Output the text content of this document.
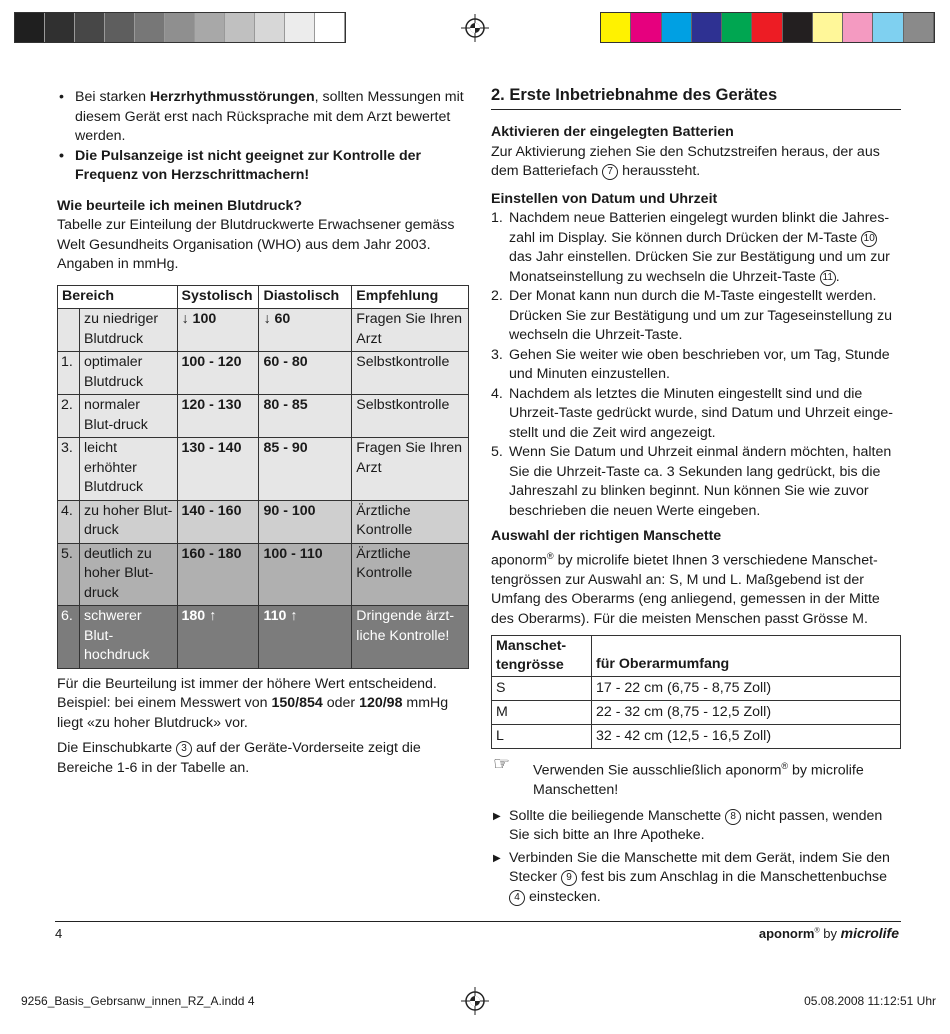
• Bei starken Herzrhythmusstörungen, sollten Messungen mit diesem Gerät erst nach Rücksprache mit dem Arzt bewertet werden.

• Die Pulsanzeige ist nicht geeignet zur Kontrolle der Frequenz von Herzschrittmachern!

Wie beurteile ich meinen Blutdruck?

Tabelle zur Einteilung der Blutdruckwerte Erwachsener gemäss Welt Gesundheits Organisation (WHO) aus dem Jahr 2003. Angaben in mmHg.

Bereich	Systolisch	Diastolisch	Empfehlung

zu niedriger Blutdruck	↓ 100	↓ 60	Fragen Sie Ihren Arzt

1. optimaler Blutdruck	100 - 120	60 - 80	Selbstkontrolle

2. normaler Blut-druck	120 - 130	80 - 85	Selbstkontrolle

3. leicht erhöhter Blutdruck	130 - 140	85 - 90	Fragen Sie Ihren Arzt

4. zu hoher Blut-druck	140 - 160	90 - 100	Ärztliche Kontrolle

5. deutlich zu hoher Blut-druck	160 - 180	100 - 110	Ärztliche Kontrolle

6. schwerer Blut-hochdruck	180 ↑	110 ↑	Dringende ärzt-liche Kontrolle!

Für die Beurteilung ist immer der höhere Wert entscheidend. Beispiel: bei einem Messwert von 150/854 oder 120/98 mmHg liegt «zu hoher Blutdruck» vor.

Die Einschubkarte 3 auf der Geräte-Vorderseite zeigt die Bereiche 1-6 in der Tabelle an.

2. Erste Inbetriebnahme des Gerätes

Aktivieren der eingelegten Batterien

Zur Aktivierung ziehen Sie den Schutzstreifen heraus, der aus dem Batteriefach 7 heraussteht.

Einstellen von Datum und Uhrzeit

1. Nachdem neue Batterien eingelegt wurden blinkt die Jahres-zahl im Display. Sie können durch Drücken der M-Taste 10 das Jahr einstellen. Drücken Sie zur Bestätigung und um zur Monatseinstellung zu wechseln die Uhrzeit-Taste 11 .

2. Der Monat kann nun durch die M-Taste eingestellt werden. Drücken Sie zur Bestätigung und um zur Tageseinstellung zu wechseln die Uhrzeit-Taste.

3. Gehen Sie weiter wie oben beschrieben vor, um Tag, Stunde und Minuten einzustellen.

4. Nachdem als letztes die Minuten eingestellt sind und die Uhrzeit-Taste gedrückt wurde, sind Datum und Uhrzeit einge-stellt und die Zeit wird angezeigt.

5. Wenn Sie Datum und Uhrzeit einmal ändern möchten, halten Sie die Uhrzeit-Taste ca. 3 Sekunden lang gedrückt, bis die Jahreszahl zu blinken beginnt. Nun können Sie wie zuvor beschrieben die neuen Werte eingeben.

Auswahl der richtigen Manschette

aponorm® by microlife bietet Ihnen 3 verschiedene Manschet-tengrössen zur Auswahl an: S, M und L. Maßgebend ist der Umfang des Oberarms (eng anliegend, gemessen in der Mitte des Oberarms). Für die meisten Menschen passt Grösse M.

Manschet-tengrösse	für Oberarmumfang
S	17 - 22 cm (6,75 - 8,75 Zoll)
M	22 - 32 cm (8,75 - 12,5 Zoll)
L	32 - 42 cm (12,5 - 16,5 Zoll)

☞ Verwenden Sie ausschließlich aponorm® by microlife Manschetten!

▶ Sollte die beiliegende Manschette 8 nicht passen, wenden Sie sich bitte an Ihre Apotheke.

▶ Verbinden Sie die Manschette mit dem Gerät, indem Sie den Stecker 9 fest bis zum Anschlag in die Manschettenbuchse 4 einstecken.

4	aponorm® by microlife
9256_Basis_Gebrsanw_innen_RZ_A.indd 4	05.08.2008 11:12:51 Uhr
